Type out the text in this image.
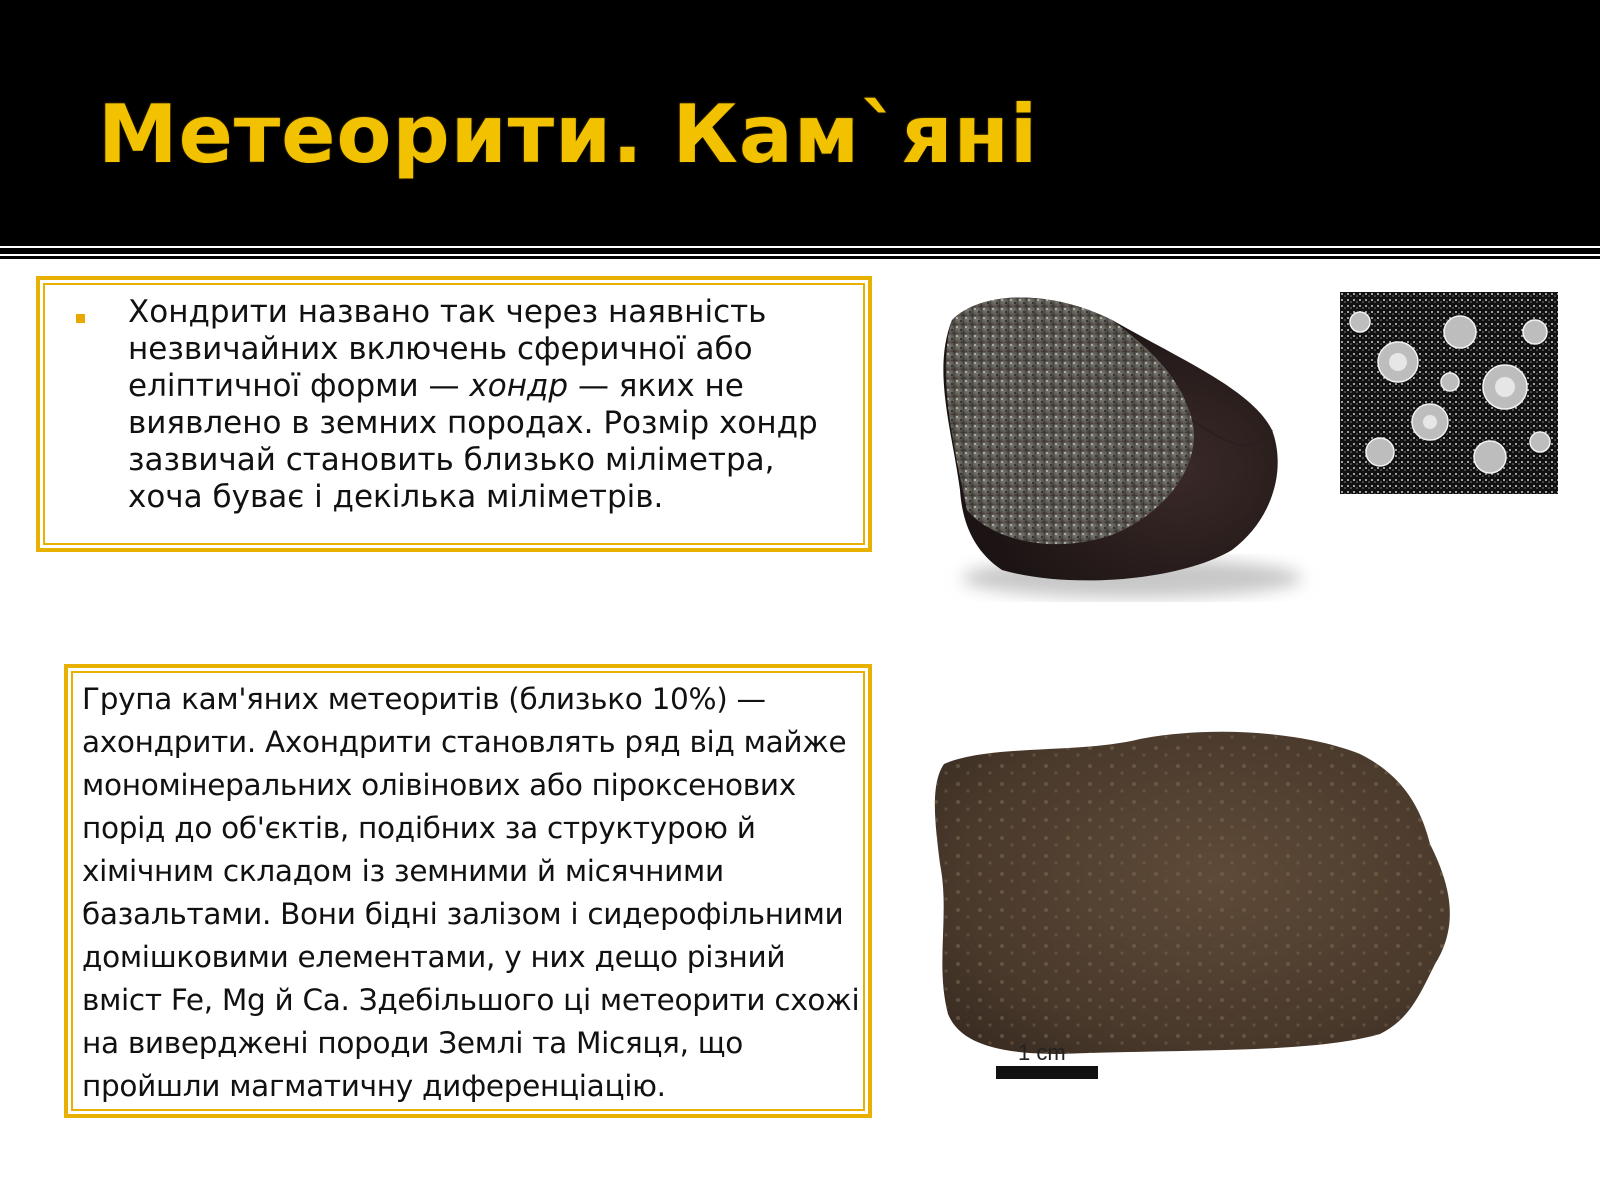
Метеорити. Кам`яні
Хондрити названо так через наявність незвичайних включень сферичної або еліптичної форми — хондр — яких не виявлено в земних породах. Розмір хондр зазвичай становить близько міліметра, хоча буває і декілька міліметрів.
Група кам'яних метеоритів (близько 10%) — ахондрити. Ахондрити становлять ряд від майже мономінеральних олівінових або піроксенових порід до об'єктів, подібних за структурою й хімічним складом із земними й місячними базальтами. Вони бідні залізом і сидерофільними домішковими елементами, у них дещо різний вміст Fe, Mg й Ca. Здебільшого ці метеорити схожі на виверджені породи Землі та Місяця, що пройшли магматичну диференціацію.
1 cm
